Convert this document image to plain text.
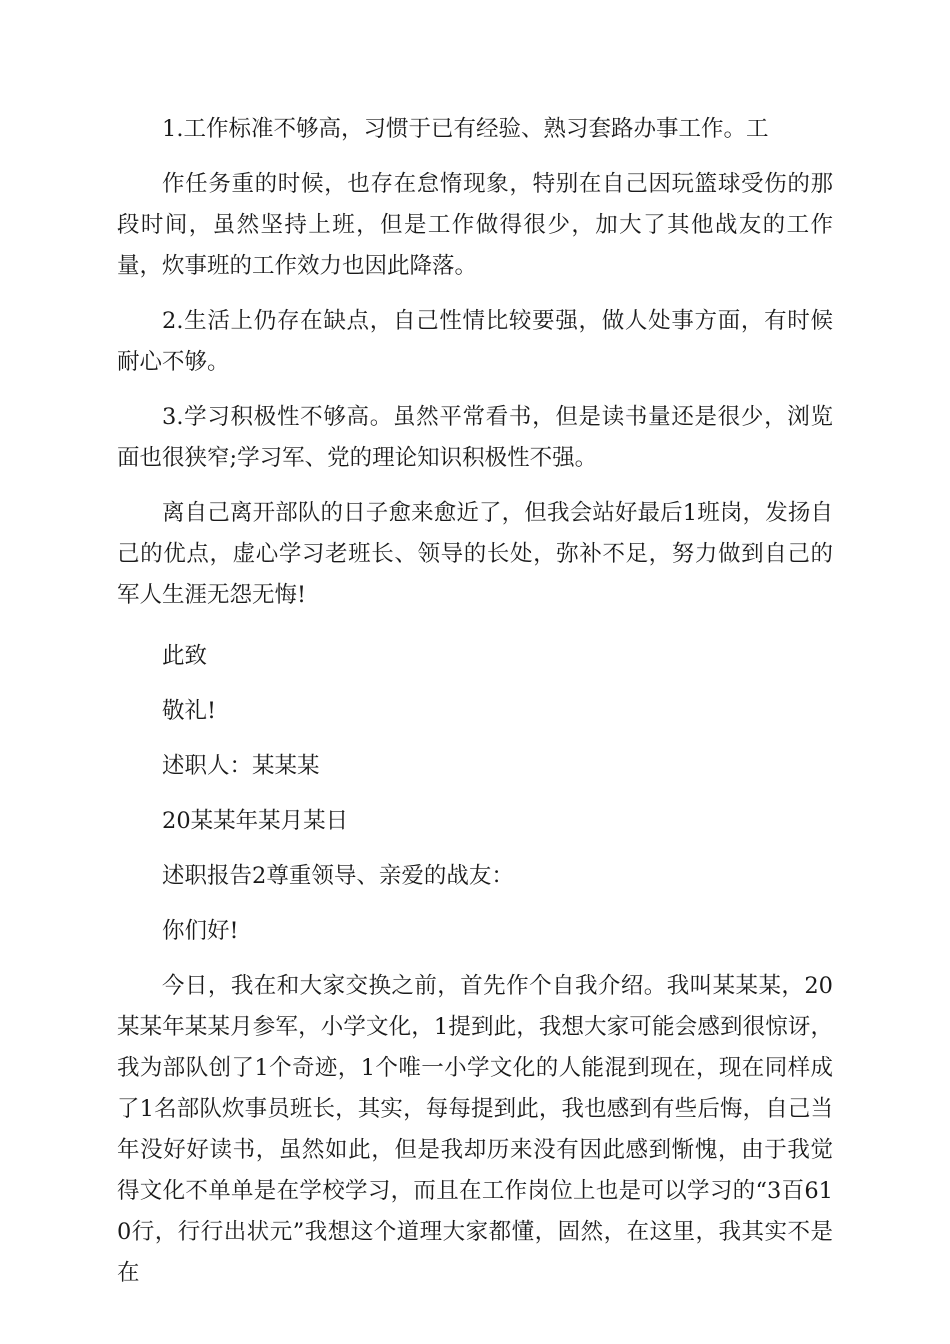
1.工作标准不够高，习惯于已有经验、熟习套路办事工作。工

作任务重的时候，也存在怠惰现象，特别在自己因玩篮球受伤的那段时间，虽然坚持上班，但是工作做得很少，加大了其他战友的工作量，炊事班的工作效力也因此降落。

2.生活上仍存在缺点，自己性情比较要强，做人处事方面，有时候耐心不够。

3.学习积极性不够高。虽然平常看书，但是读书量还是很少，浏览面也很狭窄;学习军、党的理论知识积极性不强。

离自己离开部队的日子愈来愈近了，但我会站好最后1班岗，发扬自己的优点，虚心学习老班长、领导的长处，弥补不足，努力做到自己的军人生涯无怨无悔!

此致

敬礼!

述职人：某某某

20某某年某月某日

述职报告2尊重领导、亲爱的战友：

你们好!

今日，我在和大家交换之前，首先作个自我介绍。我叫某某某，20某某年某某月参军，小学文化，1提到此，我想大家可能会感到很惊讶，我为部队创了1个奇迹，1个唯一小学文化的人能混到现在，现在同样成了1名部队炊事员班长，其实，每每提到此，我也感到有些后悔，自己当年没好好读书，虽然如此，但是我却历来没有因此感到惭愧，由于我觉得文化不单单是在学校学习，而且在工作岗位上也是可以学习的“3百610行，行行出状元”我想这个道理大家都懂，固然，在这里，我其实不是在
